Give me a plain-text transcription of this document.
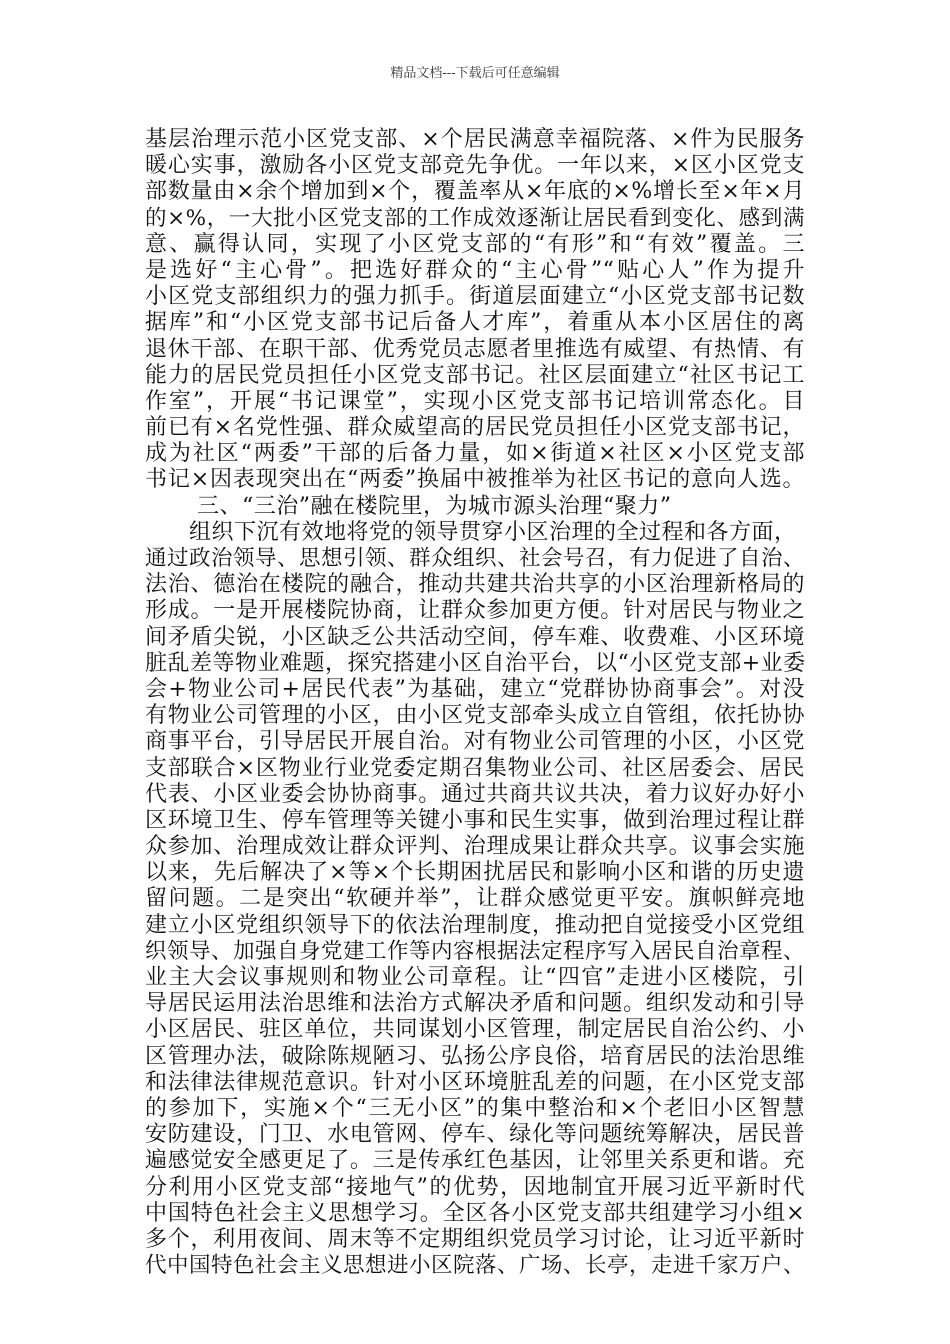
精品文档---下载后可任意编辑
基层治理示范小区党支部、×个居民满意幸福院落、×件为民服务
暖心实事，激励各小区党支部竞先争优。一年以来，×区小区党支
部数量由×余个增加到×个，覆盖率从×年底的×%增长至×年×月
的×%，一大批小区党支部的工作成效逐渐让居民看到变化、感到满
意、赢得认同，实现了小区党支部的“有形”和“有效”覆盖。三
是选好“主心骨”。把选好群众的“主心骨”“贴心人”作为提升
小区党支部组织力的强力抓手。街道层面建立“小区党支部书记数
据库”和“小区党支部书记后备人才库”，着重从本小区居住的离
退休干部、在职干部、优秀党员志愿者里推选有威望、有热情、有
能力的居民党员担任小区党支部书记。社区层面建立“社区书记工
作室”，开展“书记课堂”，实现小区党支部书记培训常态化。目
前已有×名党性强、群众威望高的居民党员担任小区党支部书记，
成为社区“两委”干部的后备力量，如×街道×社区×小区党支部
书记×因表现突出在“两委”换届中被推举为社区书记的意向人选。
三、“三治”融在楼院里，为城市源头治理“聚力”
组织下沉有效地将党的领导贯穿小区治理的全过程和各方面，
通过政治领导、思想引领、群众组织、社会号召，有力促进了自治、
法治、德治在楼院的融合，推动共建共治共享的小区治理新格局的
形成。一是开展楼院协商，让群众参加更方便。针对居民与物业之
间矛盾尖锐，小区缺乏公共活动空间，停车难、收费难、小区环境
脏乱差等物业难题，探究搭建小区自治平台，以“小区党支部+业委
会+物业公司+居民代表”为基础，建立“党群协协商事会”。对没
有物业公司管理的小区，由小区党支部牵头成立自管组，依托协协
商事平台，引导居民开展自治。对有物业公司管理的小区，小区党
支部联合×区物业行业党委定期召集物业公司、社区居委会、居民
代表、小区业委会协协商事。通过共商共议共决，着力议好办好小
区环境卫生、停车管理等关键小事和民生实事，做到治理过程让群
众参加、治理成效让群众评判、治理成果让群众共享。议事会实施
以来，先后解决了×等×个长期困扰居民和影响小区和谐的历史遗
留问题。二是突出“软硬并举”，让群众感觉更平安。旗帜鲜亮地
建立小区党组织领导下的依法治理制度，推动把自觉接受小区党组
织领导、加强自身党建工作等内容根据法定程序写入居民自治章程、
业主大会议事规则和物业公司章程。让“四官”走进小区楼院，引
导居民运用法治思维和法治方式解决矛盾和问题。组织发动和引导
小区居民、驻区单位，共同谋划小区管理，制定居民自治公约、小
区管理办法，破除陈规陋习、弘扬公序良俗，培育居民的法治思维
和法律法律规范意识。针对小区环境脏乱差的问题，在小区党支部
的参加下，实施×个“三无小区”的集中整治和×个老旧小区智慧
安防建设，门卫、水电管网、停车、绿化等问题统筹解决，居民普
遍感觉安全感更足了。三是传承红色基因，让邻里关系更和谐。充
分利用小区党支部“接地气”的优势，因地制宜开展习近平新时代
中国特色社会主义思想学习。全区各小区党支部共组建学习小组×
多个，利用夜间、周末等不定期组织党员学习讨论，让习近平新时
代中国特色社会主义思想进小区院落、广场、长亭，走进千家万户、
